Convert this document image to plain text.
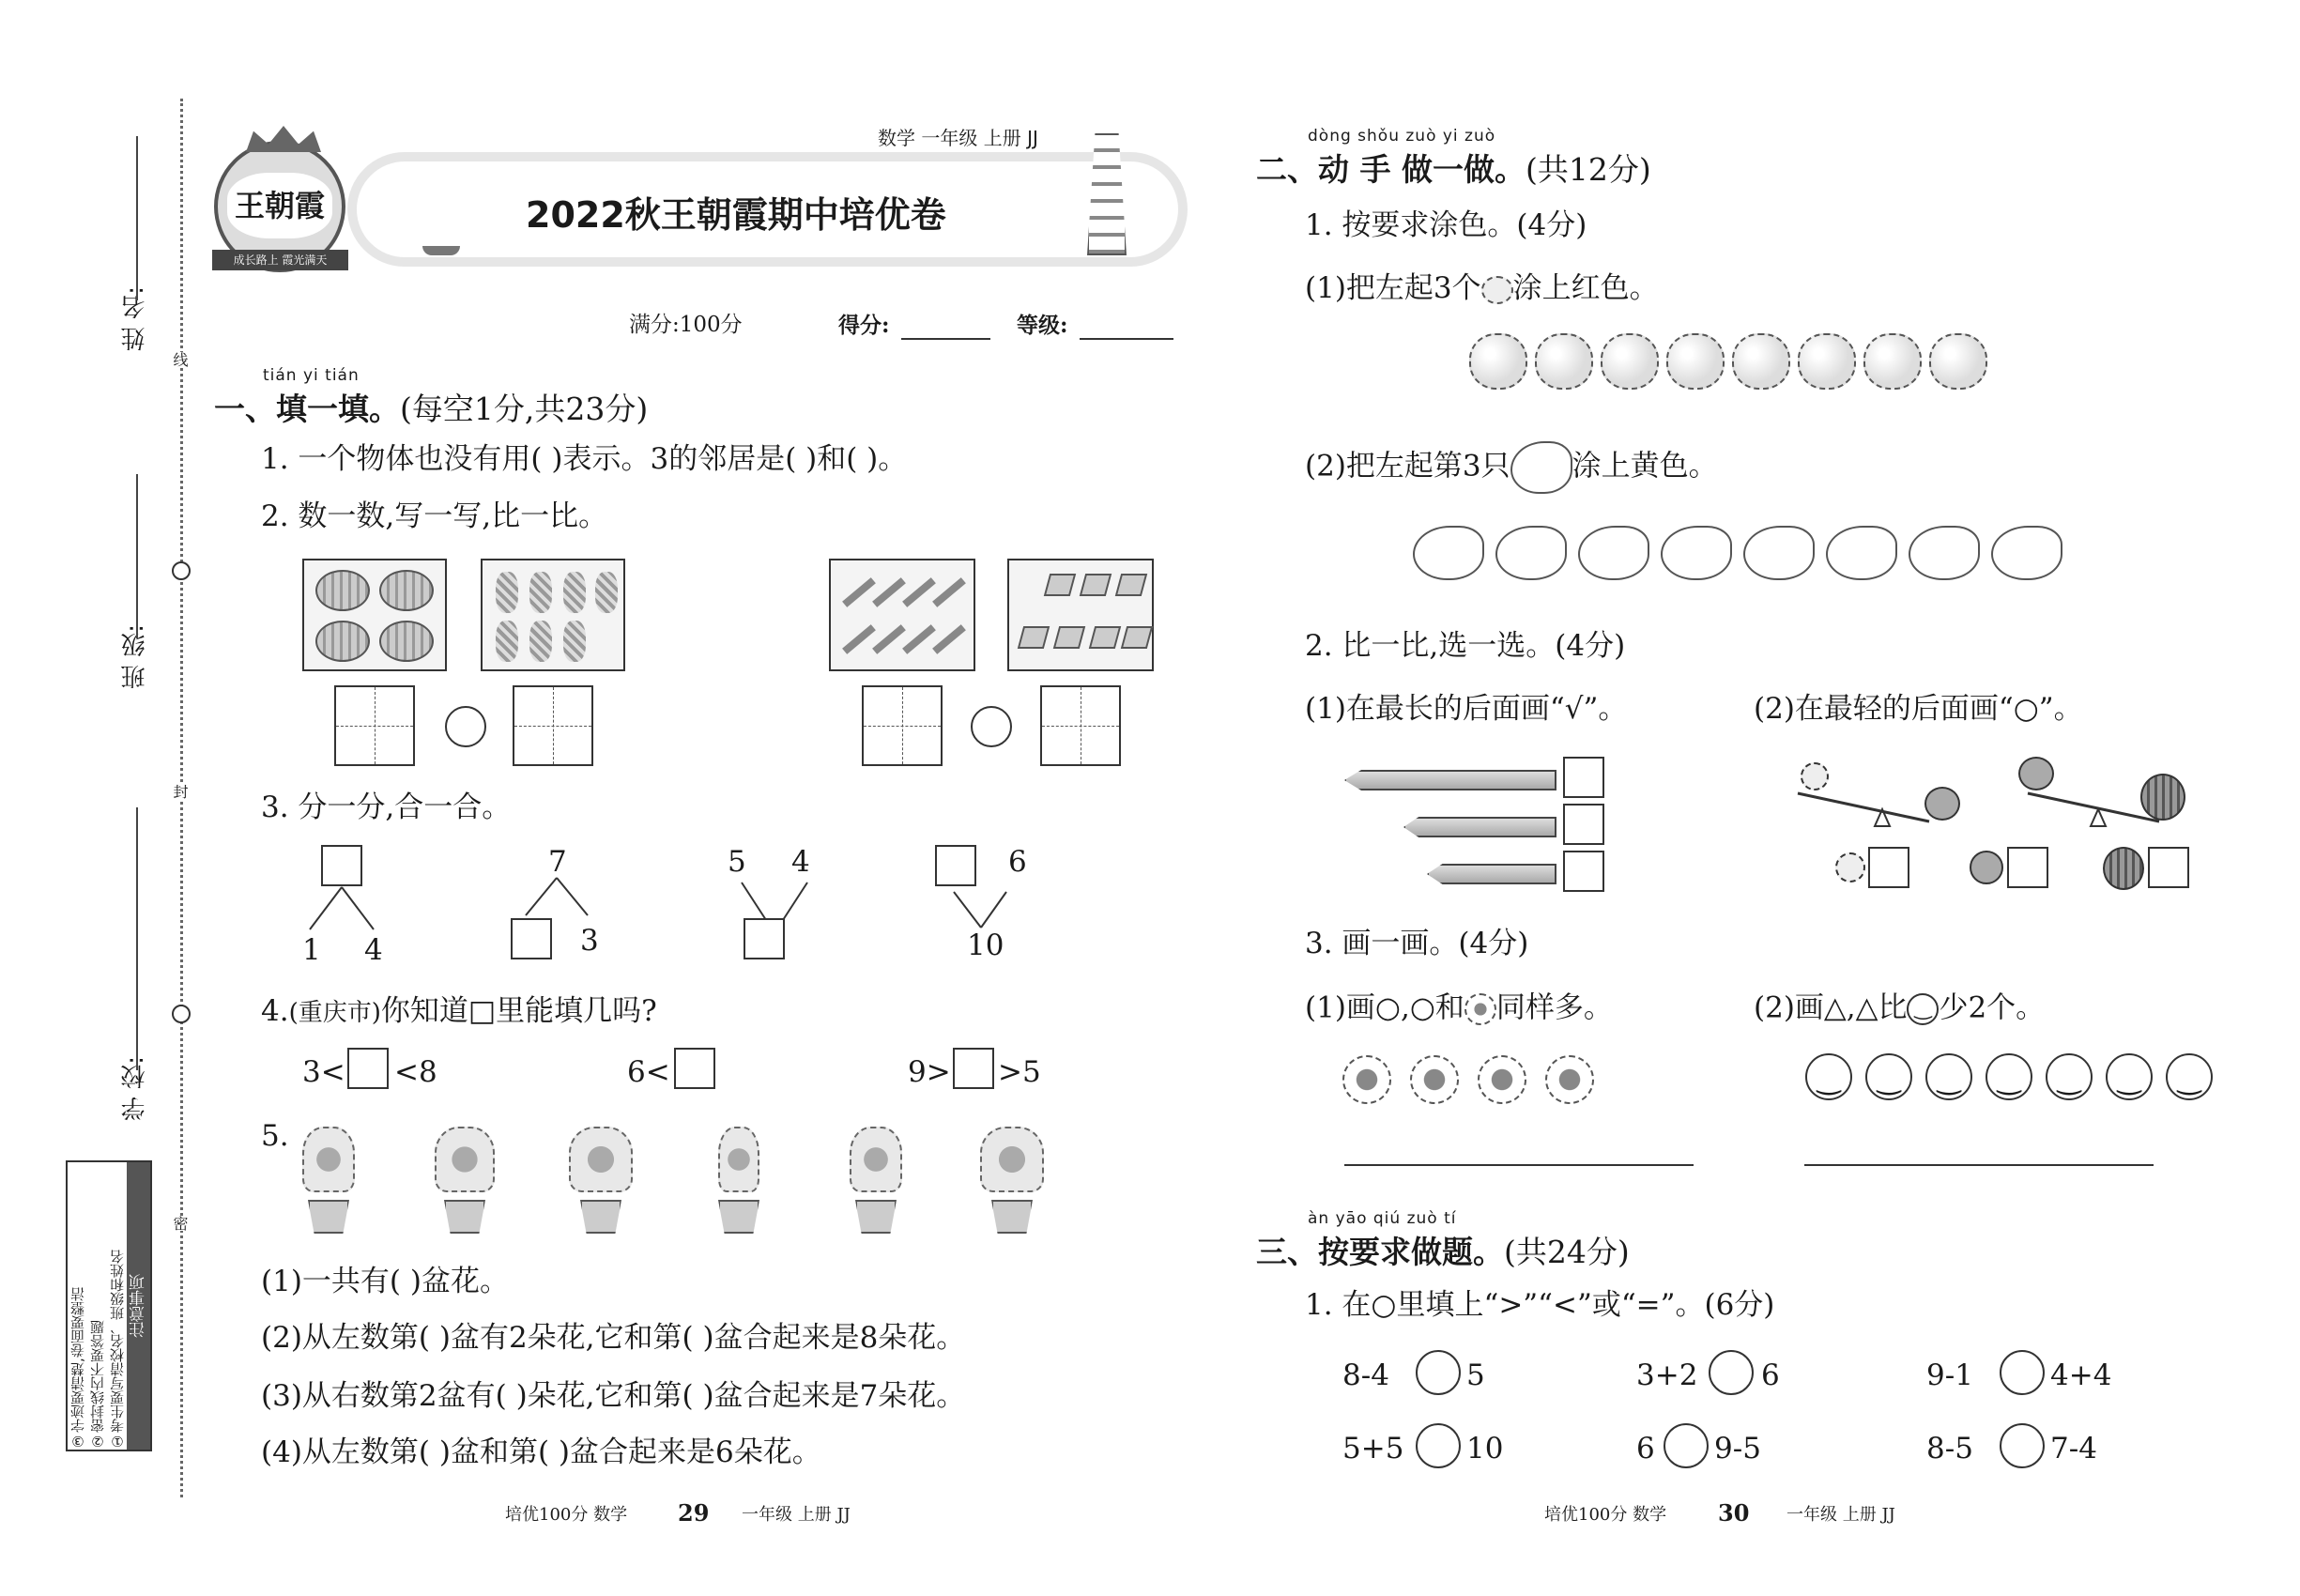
姓 名:
班 级:
学 校:
线
封
密
注意事项
①考生要写清校名、班级和姓名
②密封线内不要答题
③字迹要清楚,卷面要整洁
王朝霞
成长路上 霞光满天
数学 一年级 上册 JJ
2022秋王朝霞期中培优卷
满分:100分	得分:	等级:
tián yi tián
一、填一填。(每空1分,共23分)
1. 一个物体也没有用( )表示。3的邻居是( )和( )。
2. 数一数,写一写,比一比。
3. 分一分,合一合。
1 4
7
3
5 4	6
10
4.(重庆市)你知道□里能填几吗?
3< <8	6<	9> >5
5.
(1)一共有( )盆花。
(2)从左数第( )盆有2朵花,它和第( )盆合起来是8朵花。
(3)从右数第2盆有( )朵花,它和第( )盆合起来是7朵花。
(4)从左数第( )盆和第( )盆合起来是6朵花。
培优100分 数学 29 一年级 上册 JJ
dòng shǒu zuò yi zuò
二、动 手 做一做。(共12分)
1. 按要求涂色。(4分)
(1)把左起3个 涂上红色。
(2)把左起第3只 涂上黄色。
2. 比一比,选一选。(4分)
(1)在最长的后面画“√”。	(2)在最轻的后面画“○”。
3. 画一画。(4分)
(1)画○,○和 同样多。	(2)画△,△比 ‿ 少2个。
‿	‿	‿	‿	‿	‿	‿
àn yāo qiú zuò tí
三、按要求做题。(共24分)
1. 在○里填上“>”“<”或“=”。(6分)
8-4	5	3+2 6	9-1	4+4
5+5 10	6 9-5	8-5	7-4
培优100分 数学 30 一年级 上册 JJ
